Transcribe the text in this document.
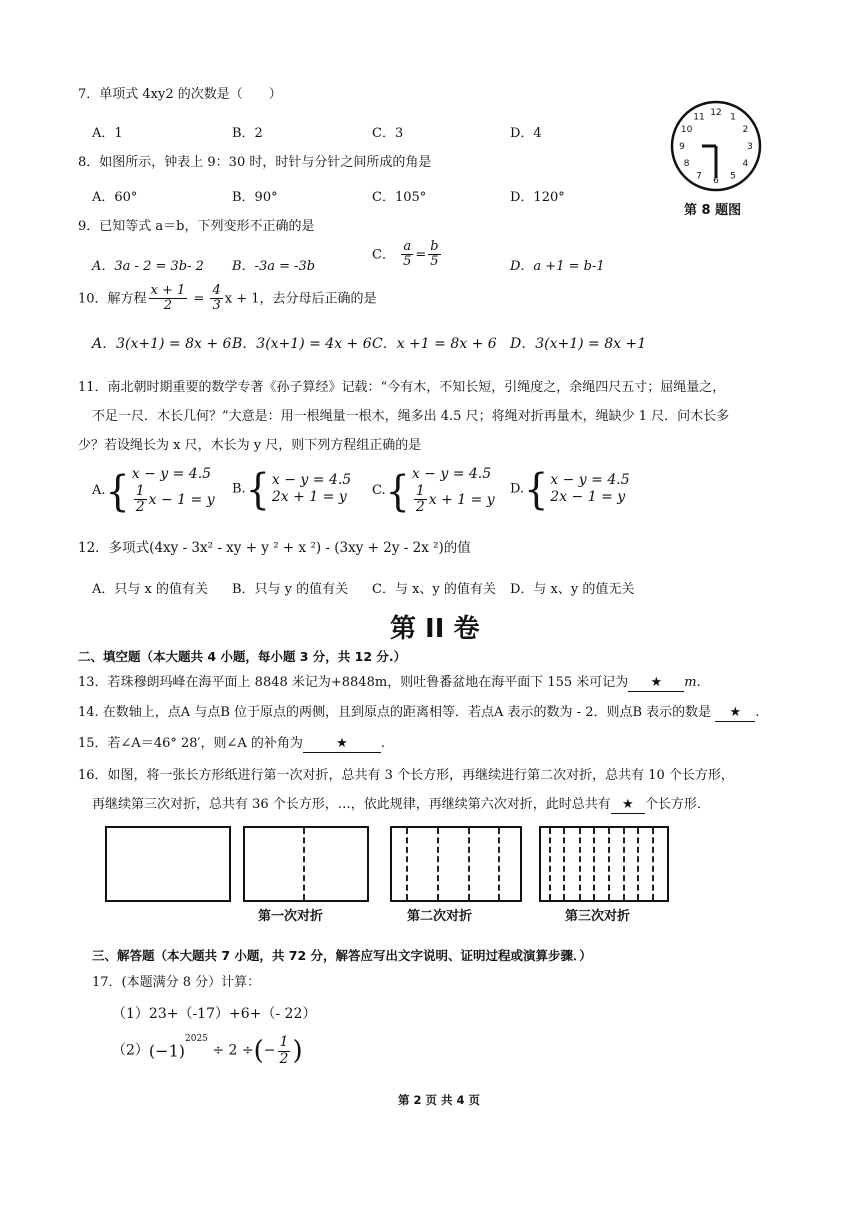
7．单项式 4xy2 的次数是（　　）
A．1	B．2	C．3	D．4
8．如图所示，钟表上 9：30 时，时针与分针之间所成的角是
A．60°	B．90°	C．105°	D．120°
12 1
2
3
4
5
6
7
8
9
10
11
第 8 题图
9．已知等式 a＝b，下列变形不正确的是
A．3a - 2 = 3b- 2 B．-3a = -3b
C． $\frac{a}{5} = \frac{b}{5}$	D．a +1 = b-1
10．解方程 $\frac{x + 1}{2} = \frac{4}{3}$ x + 1，去分母后正确的是
A．3(x+1) = 8x + 6 B．3(x+1) = 4x + 6 C．x +1 = 8x + 6 D．3(x+1) = 8x +1
11．南北朝时期重要的数学专著《孙子算经》记载：“今有木，不知长短，引绳度之，余绳四尺五寸；屈绳量之，
不足一尺．木长几何？”大意是：用一根绳量一根木，绳多出 4.5 尺；将绳对折再量木，绳缺少 1 尺．问木长多
少？若设绳长为 x 尺，木长为 y 尺，则下列方程组正确的是
A.{ x − y = 4.5
$\frac{1}{2}$ x − 1 = y
B.{ x − y = 4.5
2x + 1 = y	C.{ x − y = 4.5
$\frac{1}{2}$ x + 1 = y
D.{ x − y = 4.5
2x − 1 = y
12．多项式(4xy - 3x² - xy + y ² + x ²) - (3xy + 2y - 2x ²)的值
A．只与 x 的值有关 B．只与 y 的值有关 C．与 x、y 的值有关 D．与 x、y 的值无关
第 II 卷
二、填空题（本大题共 4 小题，每小题 3 分，共 12 分.）
13．若珠穆朗玛峰在海平面上 8848 米记为+8848m，则吐鲁番盆地在海平面下 155 米可记为 ★ m.
14. 在数轴上，点A 与点B 位于原点的两侧，且到原点的距离相等．若点A 表示的数为 - 2．则点B 表示的数是 ★ .
15．若∠A＝46° 28′，则∠A 的补角为	★	.
16．如图，将一张长方形纸进行第一次对折，总共有 3 个长方形，再继续进行第二次对折，总共有 10 个长方形，
再继续第三次对折，总共有 36 个长方形，…，依此规律，再继续第六次对折，此时总共有 ★ 个长方形．
第一次对折	第二次对折	第三次对折
三、解答题（本大题共 7 小题，共 72 分，解答应写出文字说明、证明过程或演算步骤．）
17．(本题满分 8 分）计算：
（1）23+（-17）+6+（- 22）
$(2)(-1)^{2025} \div 2$ ÷(− $\frac{1}{2}$ )
第 2 页 共 4 页
